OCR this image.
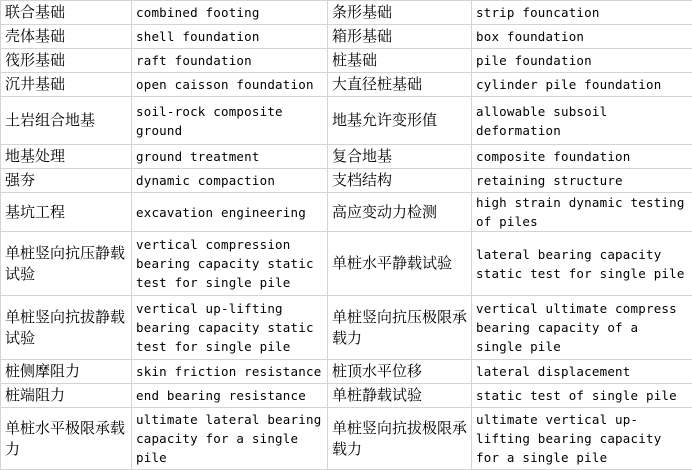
联合基础	combined footing	条形基础	strip founcation
壳体基础	shell foundation	箱形基础	box foundation
筏形基础	raft foundation	桩基础	pile foundation
沉井基础	open caisson foundation	大直径桩基础	cylinder pile foundation
土岩组合地基	soil-rock composite ground	地基允许变形值	allowable subsoil deformation
地基处理	ground treatment	复合地基	composite foundation
强夯	dynamic compaction	支档结构	retaining structure
基坑工程	excavation engineering	高应变动力检测	high strain dynamic testing of piles
单桩竖向抗压静载试验	vertical compression bearing capacity static test for single pile	单桩水平静载试验	lateral bearing capacity static test for single pile
单桩竖向抗拔静载试验	vertical up-lifting bearing capacity static test for single pile	单桩竖向抗压极限承载力	vertical ultimate compress bearing capacity of a single pile
桩侧摩阻力	skin friction resistance	桩顶水平位移	lateral displacement
桩端阻力	end bearing resistance	单桩静载试验	static test of single pile
单桩水平极限承载力	ultimate lateral bearing capacity for a single pile	单桩竖向抗拔极限承载力	ultimate vertical up-lifting bearing capacity for a single pile
